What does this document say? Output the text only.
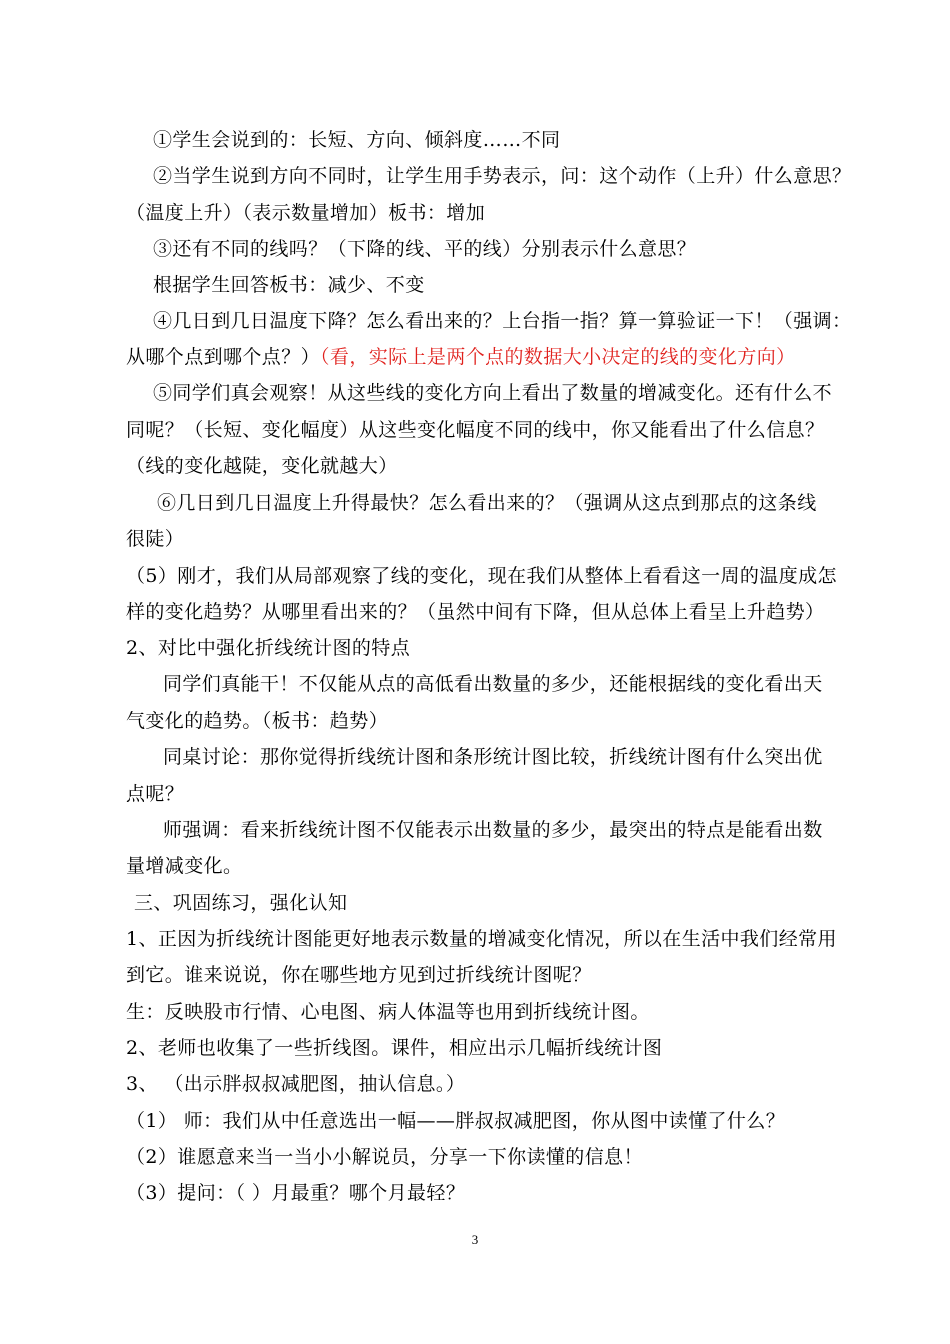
①学生会说到的：长短、方向、倾斜度……不同
②当学生说到方向不同时，让学生用手势表示，问：这个动作（上升）什么意思？
（温度上升）（表示数量增加）板书：增加
③还有不同的线吗？（下降的线、平的线）分别表示什么意思？
根据学生回答板书：减少、不变
④几日到几日温度下降？怎么看出来的？上台指一指？算一算验证一下！（强调：
从哪个点到哪个点？）（看，实际上是两个点的数据大小决定的线的变化方向）
⑤同学们真会观察！从这些线的变化方向上看出了数量的增减变化。还有什么不
同呢？（长短、变化幅度）从这些变化幅度不同的线中，你又能看出了什么信息？
（线的变化越陡，变化就越大）
⑥几日到几日温度上升得最快？怎么看出来的？（强调从这点到那点的这条线
很陡）
（5）刚才，我们从局部观察了线的变化，现在我们从整体上看看这一周的温度成怎
样的变化趋势？从哪里看出来的？（虽然中间有下降，但从总体上看呈上升趋势）
2、对比中强化折线统计图的特点
同学们真能干！不仅能从点的高低看出数量的多少，还能根据线的变化看出天
气变化的趋势。（板书：趋势）
同桌讨论：那你觉得折线统计图和条形统计图比较，折线统计图有什么突出优
点呢？
师强调：看来折线统计图不仅能表示出数量的多少，最突出的特点是能看出数
量增减变化。
三、巩固练习，强化认知
1、正因为折线统计图能更好地表示数量的增减变化情况，所以在生活中我们经常用
到它。谁来说说，你在哪些地方见到过折线统计图呢？
生：反映股市行情、心电图、病人体温等也用到折线统计图。
2、老师也收集了一些折线图。课件，相应出示几幅折线统计图
3、 （出示胖叔叔减肥图，抽认信息。）
（1） 师：我们从中任意选出一幅——胖叔叔减肥图，你从图中读懂了什么？
（2）谁愿意来当一当小小解说员，分享一下你读懂的信息！
（3）提问：（ ）月最重？哪个月最轻？
3
